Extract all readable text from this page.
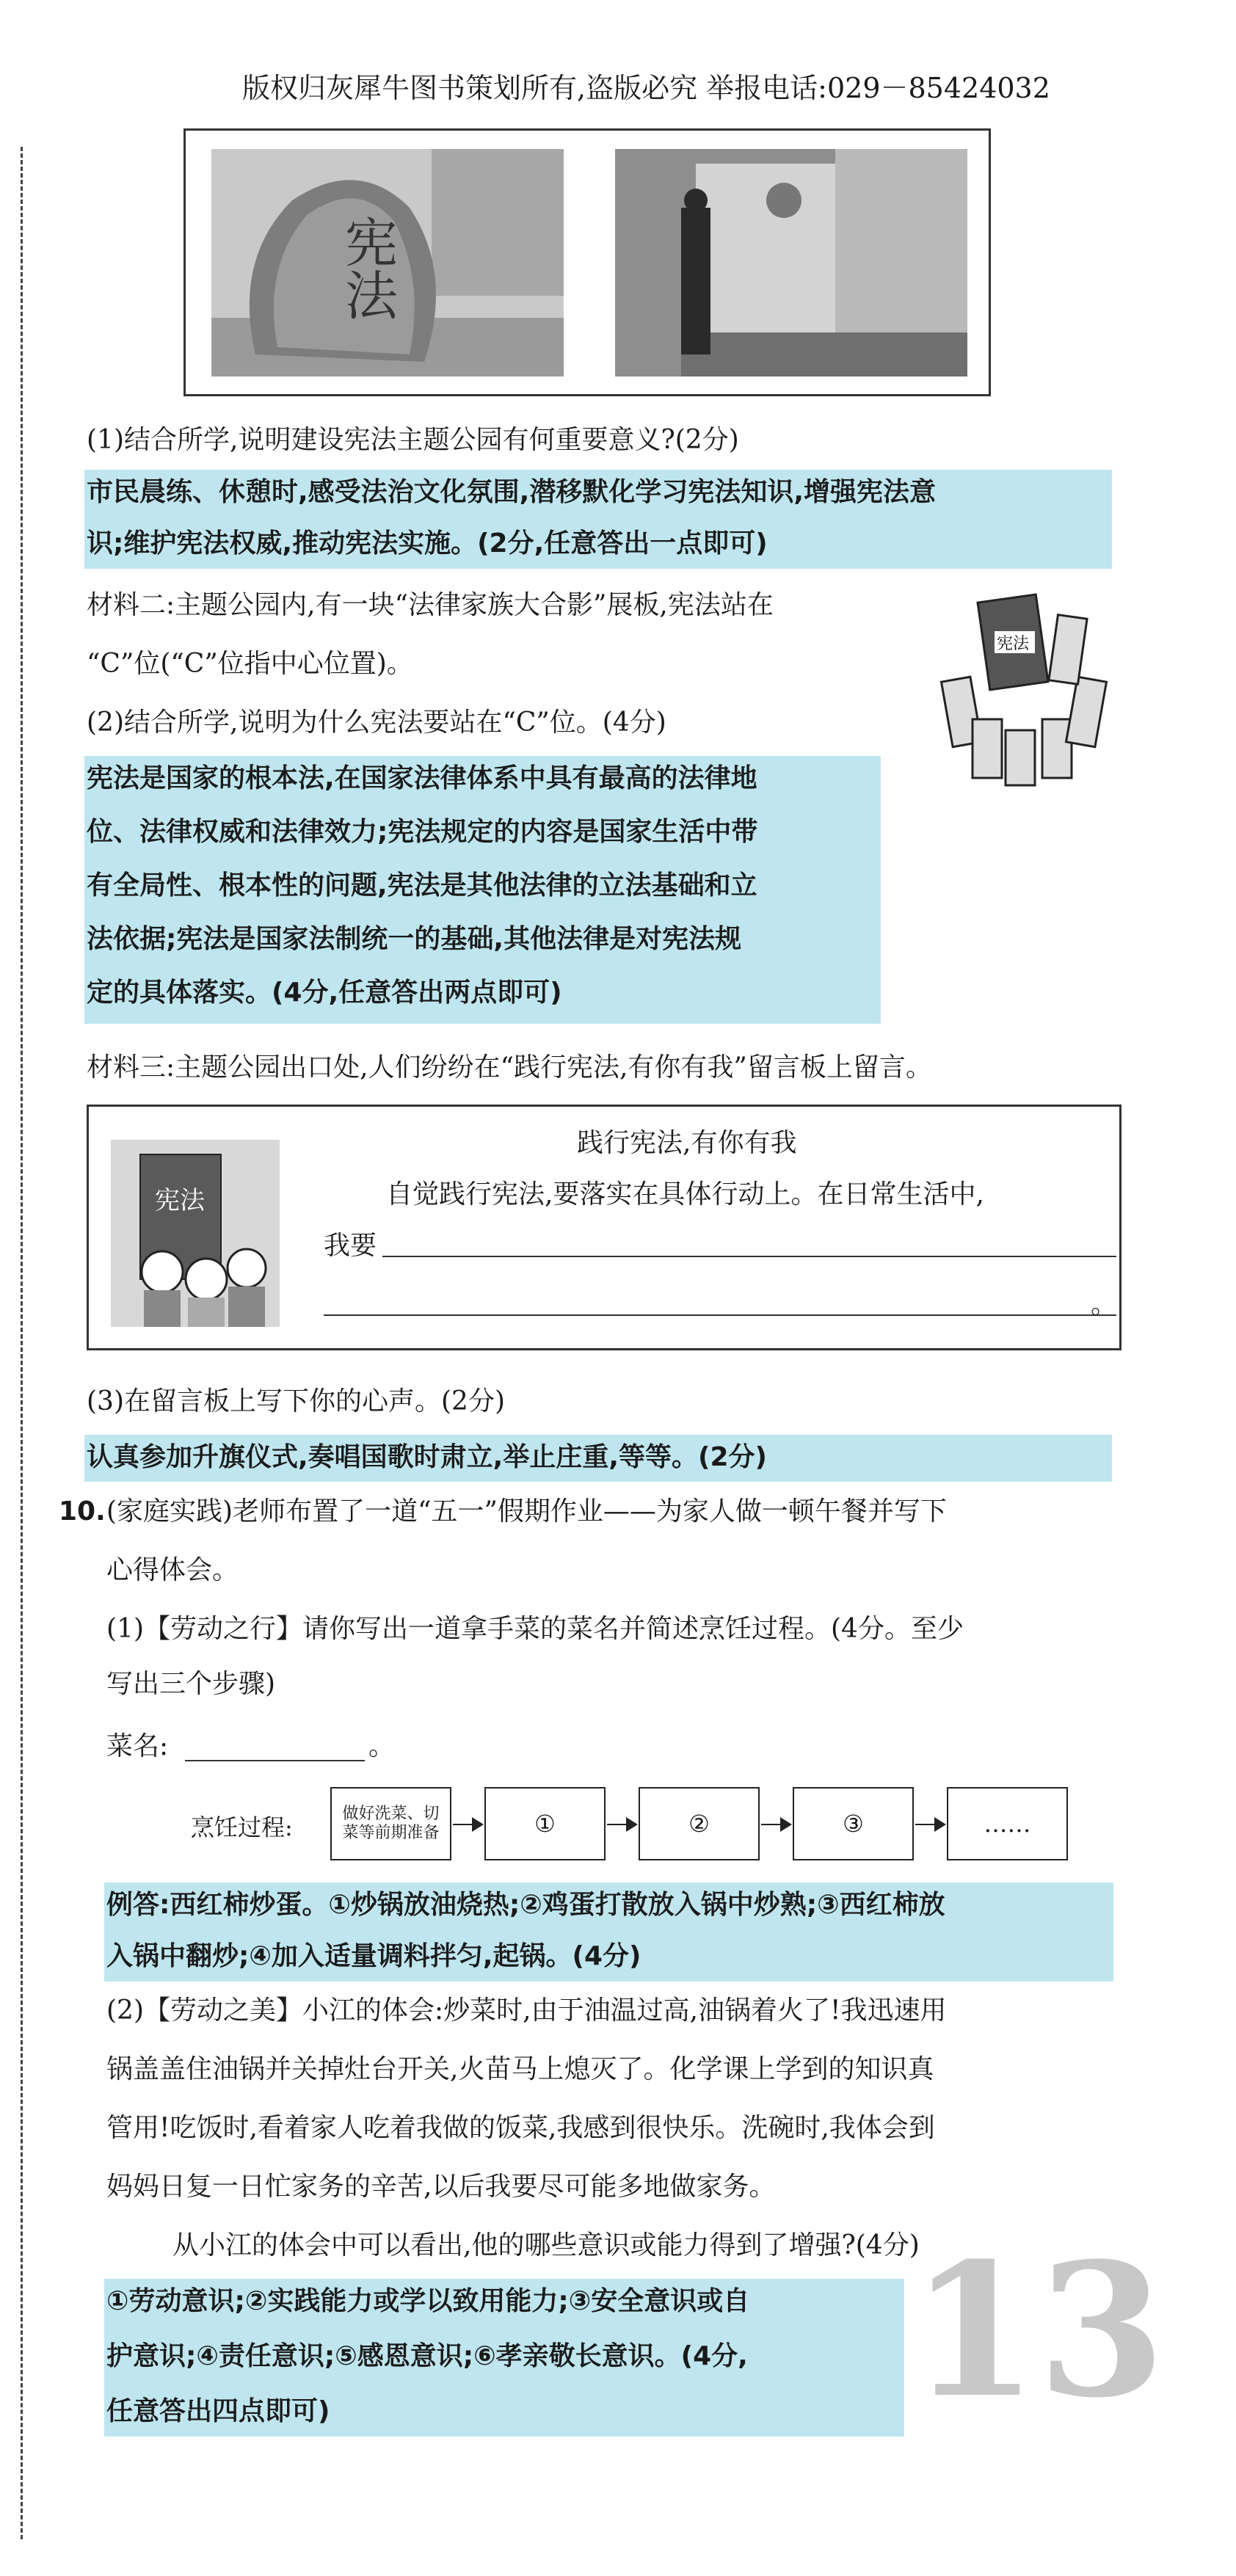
版权归灰犀牛图书策划所有,盗版必究 举报电话:029－85424032
宪法
(1)结合所学,说明建设宪法主题公园有何重要意义?(2分)
市民晨练、休憩时,感受法治文化氛围,潜移默化学习宪法知识,增强宪法意
识;维护宪法权威,推动宪法实施。(2分,任意答出一点即可)
材料二:主题公园内,有一块“法律家族大合影”展板,宪法站在
“C”位(“C”位指中心位置)。
宪法
(2)结合所学,说明为什么宪法要站在“C”位。(4分)
宪法是国家的根本法,在国家法律体系中具有最高的法律地
位、法律权威和法律效力;宪法规定的内容是国家生活中带
有全局性、根本性的问题,宪法是其他法律的立法基础和立
法依据;宪法是国家法制统一的基础,其他法律是对宪法规
定的具体落实。(4分,任意答出两点即可)
材料三:主题公园出口处,人们纷纷在“践行宪法,有你有我”留言板上留言。
宪法
践行宪法,有你有我
自觉践行宪法,要落实在具体行动上。在日常生活中,
我要
。
(3)在留言板上写下你的心声。(2分)
认真参加升旗仪式,奏唱国歌时肃立,举止庄重,等等。(2分)
10. (家庭实践)老师布置了一道“五一”假期作业——为家人做一顿午餐并写下
心得体会。
(1)【劳动之行】请你写出一道拿手菜的菜名并简述烹饪过程。(4分。至少
写出三个步骤)
菜名:	。
烹饪过程:	做好洗菜、切菜等前期准备	①	②	③	……
例答:西红柿炒蛋。①炒锅放油烧热;②鸡蛋打散放入锅中炒熟;③西红柿放
入锅中翻炒;④加入适量调料拌匀,起锅。(4分)
(2)【劳动之美】小江的体会:炒菜时,由于油温过高,油锅着火了!我迅速用
锅盖盖住油锅并关掉灶台开关,火苗马上熄灭了。化学课上学到的知识真
管用!吃饭时,看着家人吃着我做的饭菜,我感到很快乐。洗碗时,我体会到
妈妈日复一日忙家务的辛苦,以后我要尽可能多地做家务。
从小江的体会中可以看出,他的哪些意识或能力得到了增强?(4分)
①劳动意识;②实践能力或学以致用能力;③安全意识或自
护意识;④责任意识;⑤感恩意识;⑥孝亲敬长意识。(4分,
任意答出四点即可)	13
